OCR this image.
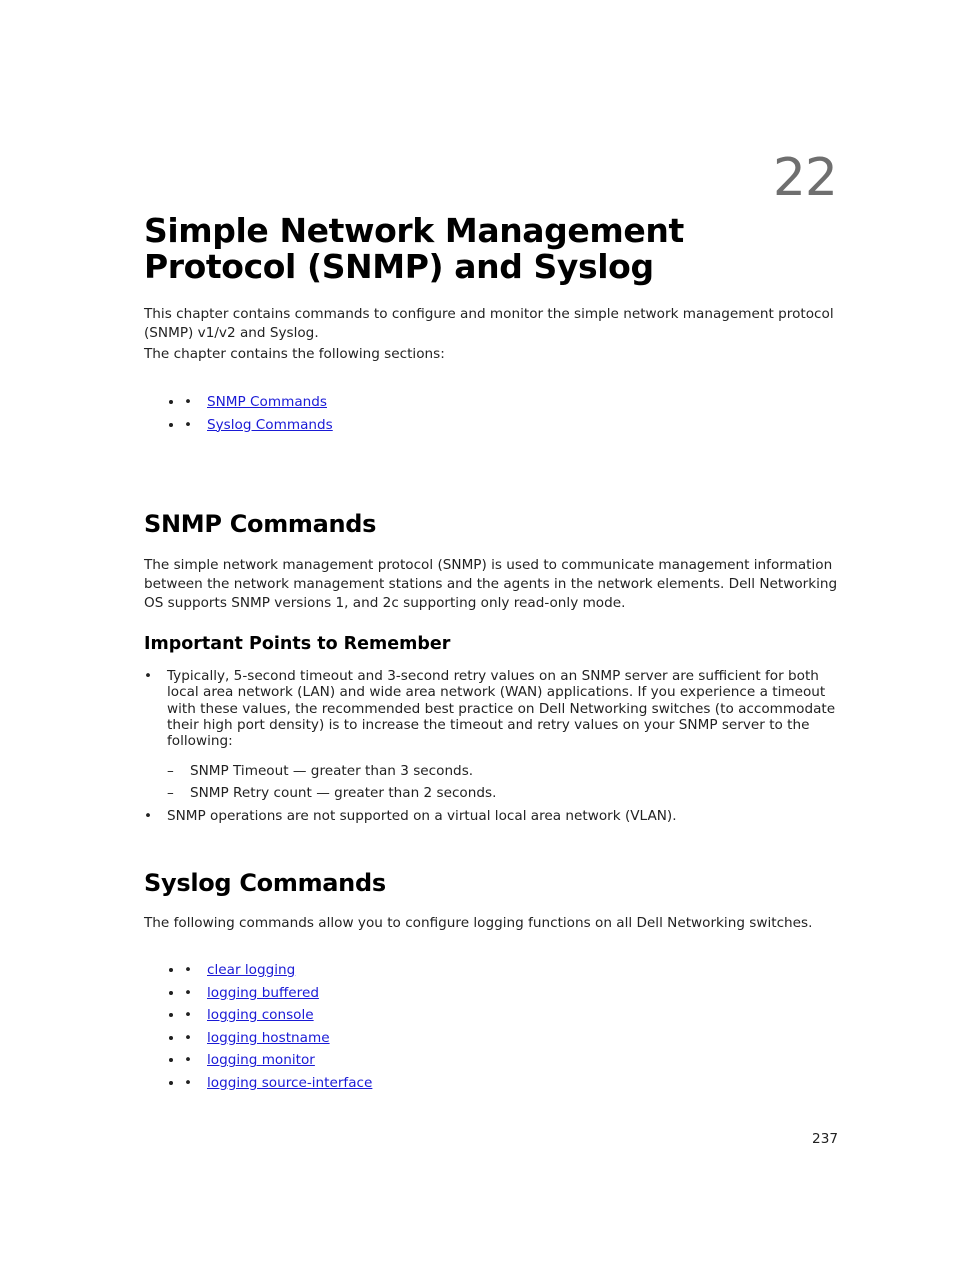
22
Simple Network Management Protocol (SNMP) and Syslog

This chapter contains commands to configure and monitor the simple network management protocol (SNMP) v1/v2 and Syslog.

The chapter contains the following sections:

• • SNMP Commands
• • Syslog Commands
SNMP Commands

The simple network management protocol (SNMP) is used to communicate management information between the network management stations and the agents in the network elements. Dell Networking OS supports SNMP versions 1, and 2c supporting only read-only mode.

Important Points to Remember
• Typically, 5-second timeout and 3-second retry values on an SNMP server are sufficient for both local area network (LAN) and wide area network (WAN) applications. If you experience a timeout with these values, the recommended best practice on Dell Networking switches (to accommodate their high port density) is to increase the timeout and retry values on your SNMP server to the following:
– SNMP Timeout — greater than 3 seconds.
– SNMP Retry count — greater than 2 seconds.
• SNMP operations are not supported on a virtual local area network (VLAN).
Syslog Commands

The following commands allow you to configure logging functions on all Dell Networking switches.

• • clear logging
• • logging buffered
• • logging console
• • logging hostname
• • logging monitor
• • logging source-interface
237
